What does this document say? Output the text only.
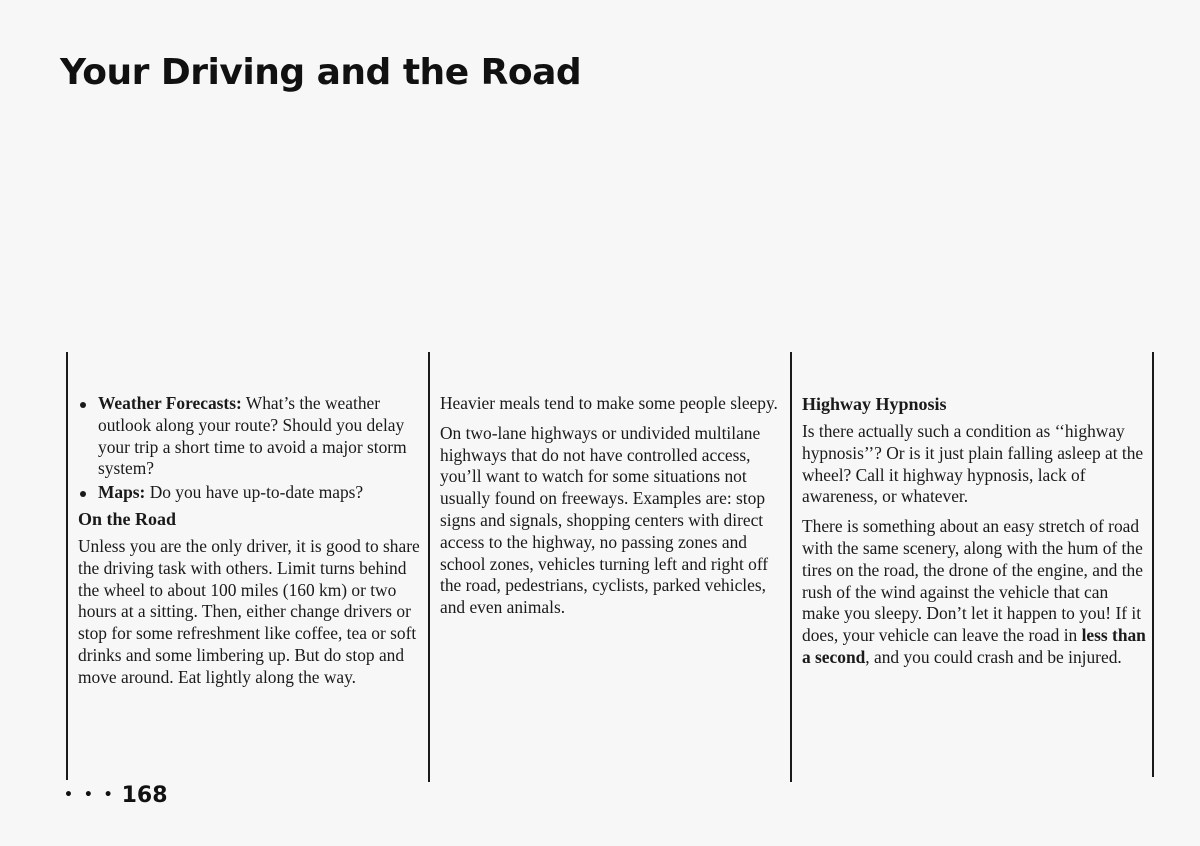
Your Driving and the Road
Weather Forecasts: What’s the weather outlook along your route? Should you delay your trip a short time to avoid a major storm system?
Maps: Do you have up-to-date maps?
On the Road

Unless you are the only driver, it is good to share the driving task with others. Limit turns behind the wheel to about 100 miles (160 km) or two hours at a sitting. Then, either change drivers or stop for some refreshment like coffee, tea or soft drinks and some limbering up. But do stop and move around. Eat lightly along the way.

Heavier meals tend to make some people sleepy.

On two-lane highways or undivided multilane highways that do not have controlled access, you’ll want to watch for some situations not usually found on freeways. Examples are: stop signs and signals, shopping centers with direct access to the highway, no passing zones and school zones, vehicles turning left and right off the road, pedestrians, cyclists, parked vehicles, and even animals.

Highway Hypnosis

Is there actually such a condition as ‘‘highway hypnosis’’? Or is it just plain falling asleep at the wheel? Call it highway hypnosis, lack of awareness, or whatever.

There is something about an easy stretch of road with the same scenery, along with the hum of the tires on the road, the drone of the engine, and the rush of the wind against the vehicle that can make you sleepy. Don’t let it happen to you! If it does, your vehicle can leave the road in less than a second, and you could crash and be injured.

• • • 168
